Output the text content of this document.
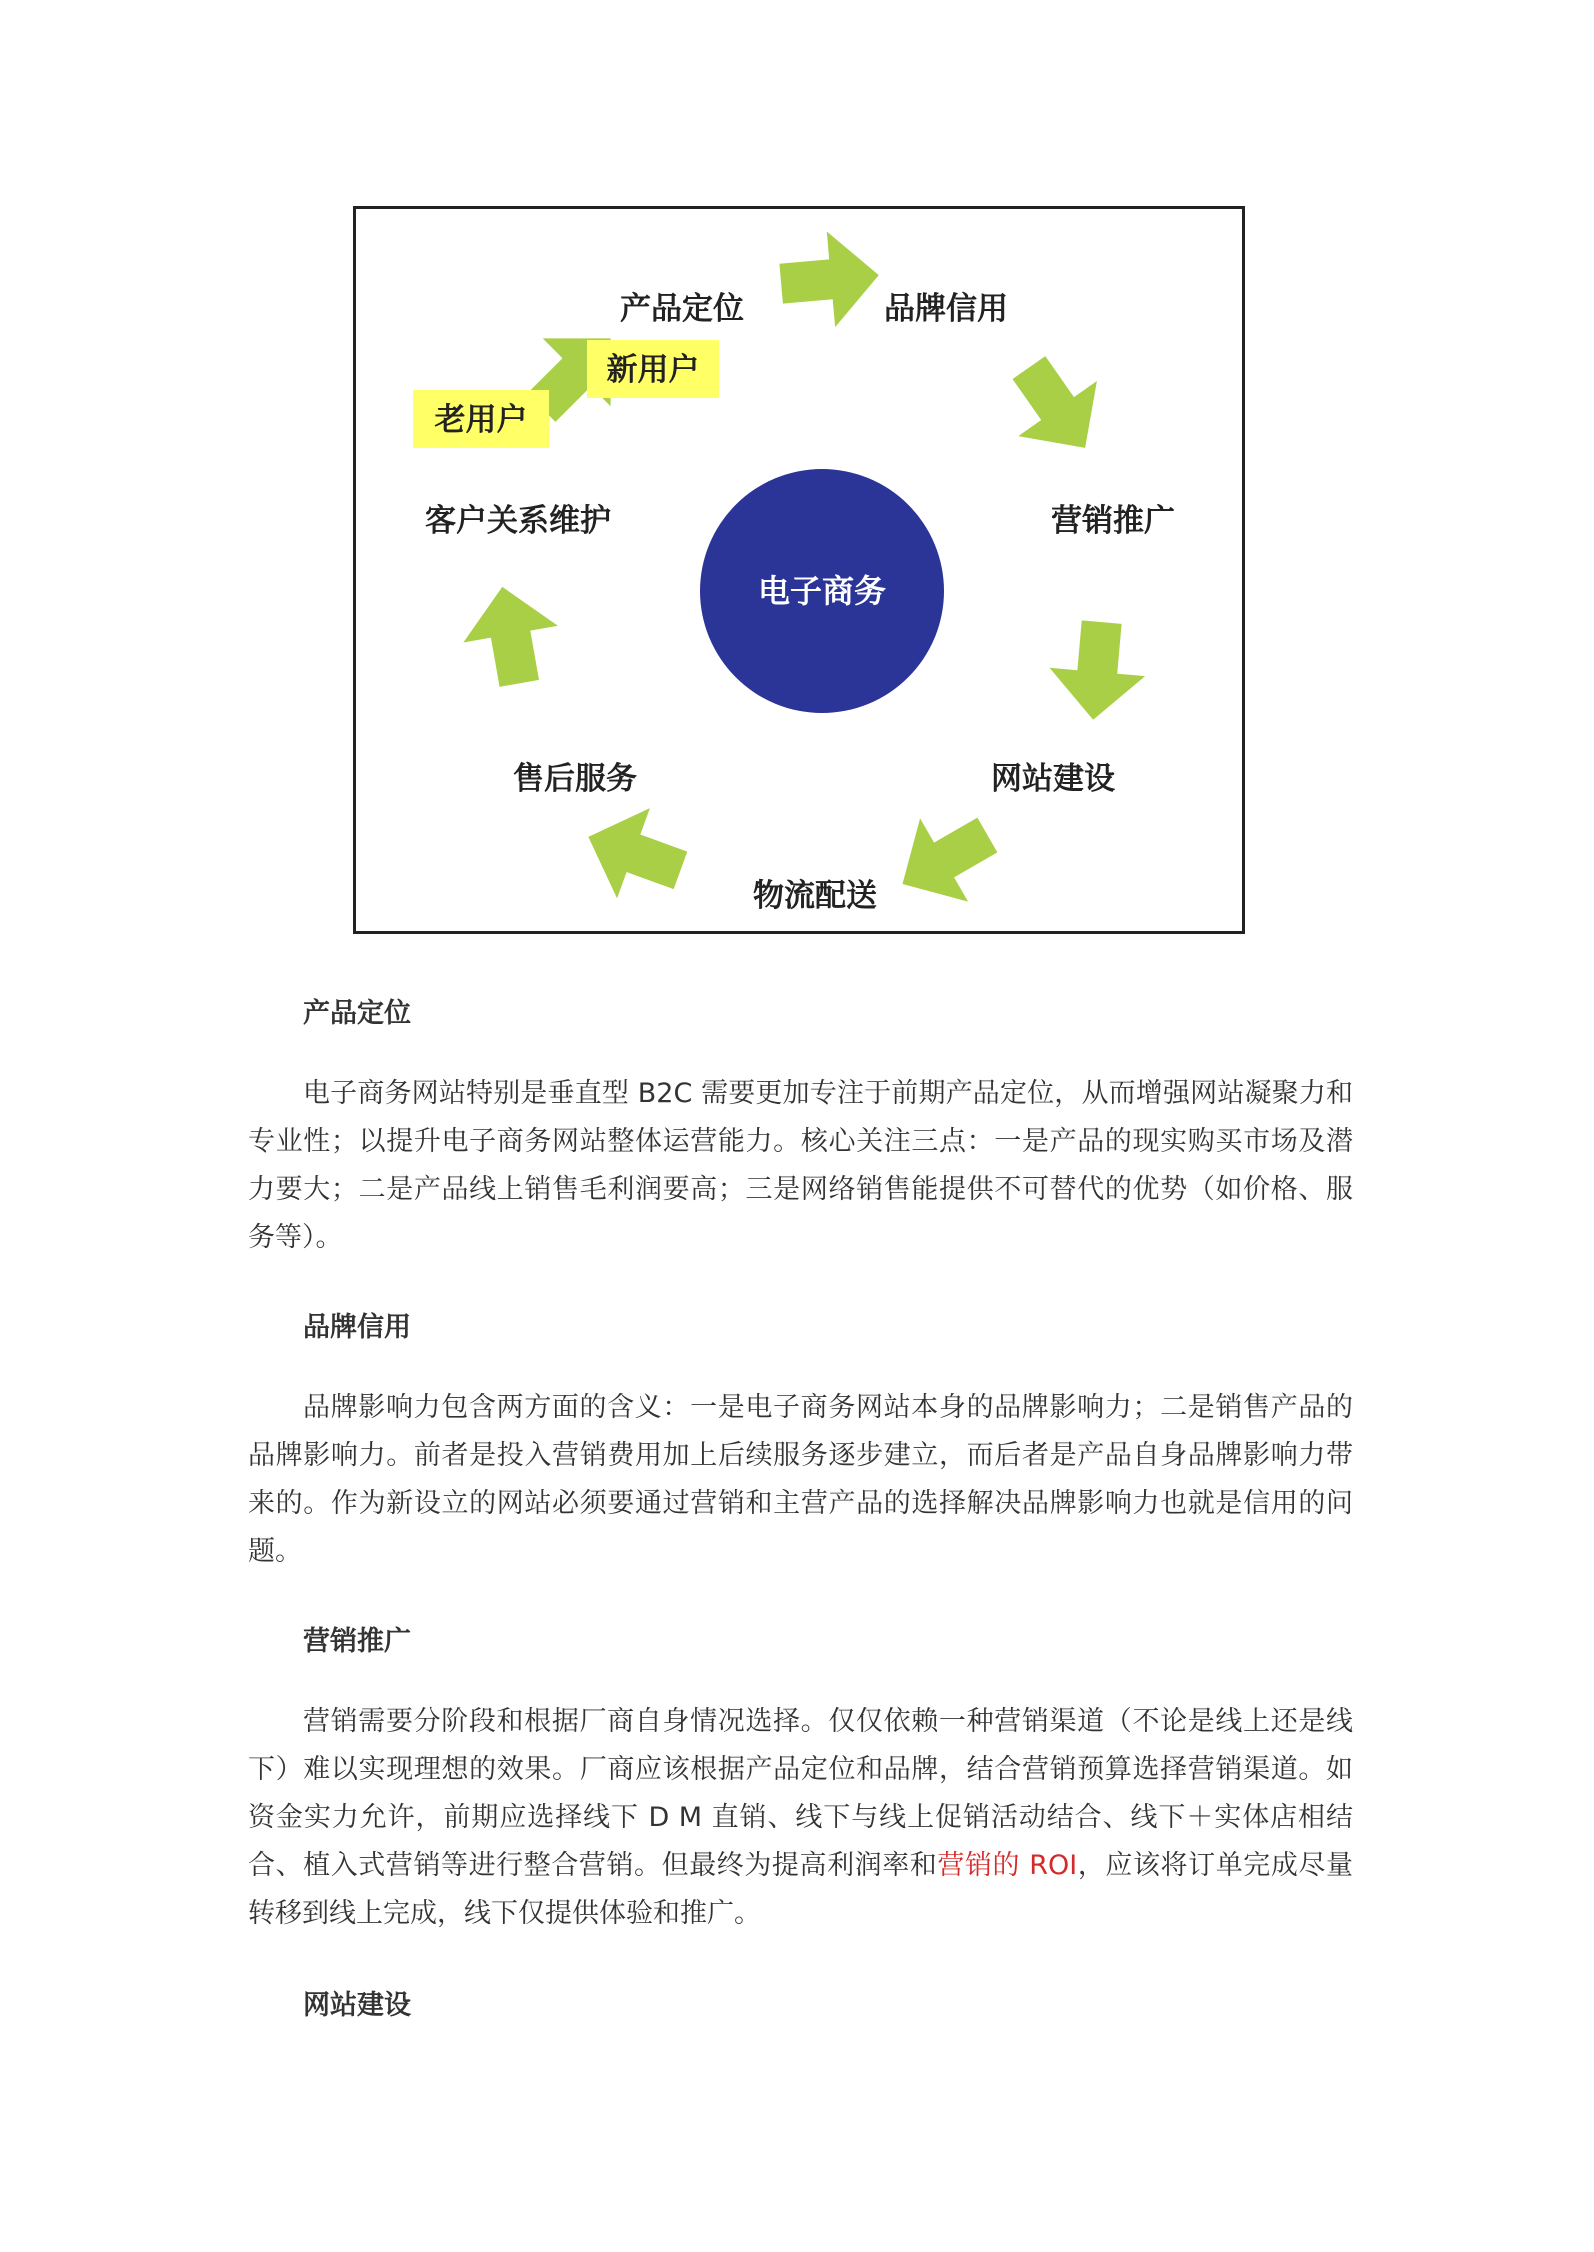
电子商务
产品定位	品牌信用
营销推广
网站建设
物流配送
售后服务
客户关系维护
新用户
老用户
产品定位

电子商务网站特别是垂直型 B2C 需要更加专注于前期产品定位，从而增强网站凝聚力和专业性；以提升电子商务网站整体运营能力。核心关注三点：一是产品的现实购买市场及潜力要大；二是产品线上销售毛利润要高；三是网络销售能提供不可替代的优势（如价格、服务等）。

品牌信用

品牌影响力包含两方面的含义：一是电子商务网站本身的品牌影响力；二是销售产品的品牌影响力。前者是投入营销费用加上后续服务逐步建立，而后者是产品自身品牌影响力带来的。作为新设立的网站必须要通过营销和主营产品的选择解决品牌影响力也就是信用的问题。

营销推广

营销需要分阶段和根据厂商自身情况选择。仅仅依赖一种营销渠道（不论是线上还是线下）难以实现理想的效果。厂商应该根据产品定位和品牌，结合营销预算选择营销渠道。如资金实力允许，前期应选择线下 D M 直销、线下与线上促销活动结合、线下＋实体店相结合、植入式营销等进行整合营销。但最终为提高利润率和营销的 ROI，应该将订单完成尽量转移到线上完成，线下仅提供体验和推广。

网站建设
